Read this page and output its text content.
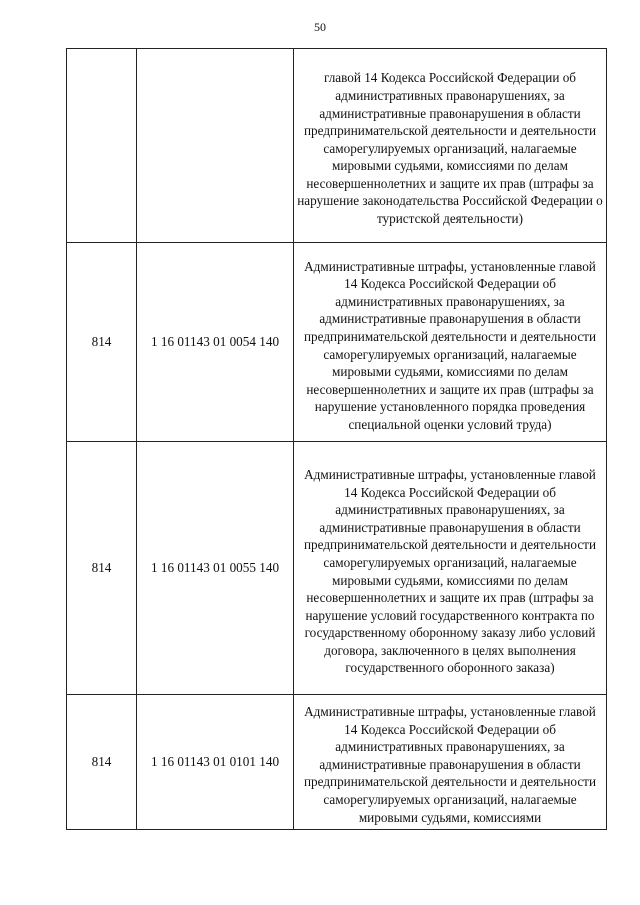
50
		главой 14 Кодекса Российской Федерации об административных правонарушениях, за административные правонарушения в области предпринимательской деятельности и деятельности саморегулируемых организаций, налагаемые мировыми судьями, комиссиями по делам несовершеннолетних и защите их прав (штрафы за нарушение законодательства Российской Федерации о туристской деятельности)
814	1 16 01143 01 0054 140	Административные штрафы, установленные главой 14 Кодекса Российской Федерации об административных правонарушениях, за административные правонарушения в области предпринимательской деятельности и деятельности саморегулируемых организаций, налагаемые мировыми судьями, комиссиями по делам несовершеннолетних и защите их прав (штрафы за нарушение установленного порядка проведения специальной оценки условий труда)
814	1 16 01143 01 0055 140	Административные штрафы, установленные главой 14 Кодекса Российской Федерации об административных правонарушениях, за административные правонарушения в области предпринимательской деятельности и деятельности саморегулируемых организаций, налагаемые мировыми судьями, комиссиями по делам несовершеннолетних и защите их прав (штрафы за нарушение условий государственного контракта по государственному оборонному заказу либо условий договора, заключенного в целях выполнения государственного оборонного заказа)
814	1 16 01143 01 0101 140	Административные штрафы, установленные главой 14 Кодекса Российской Федерации об административных правонарушениях, за административные правонарушения в области предпринимательской деятельности и деятельности саморегулируемых организаций, налагаемые мировыми судьями, комиссиями
